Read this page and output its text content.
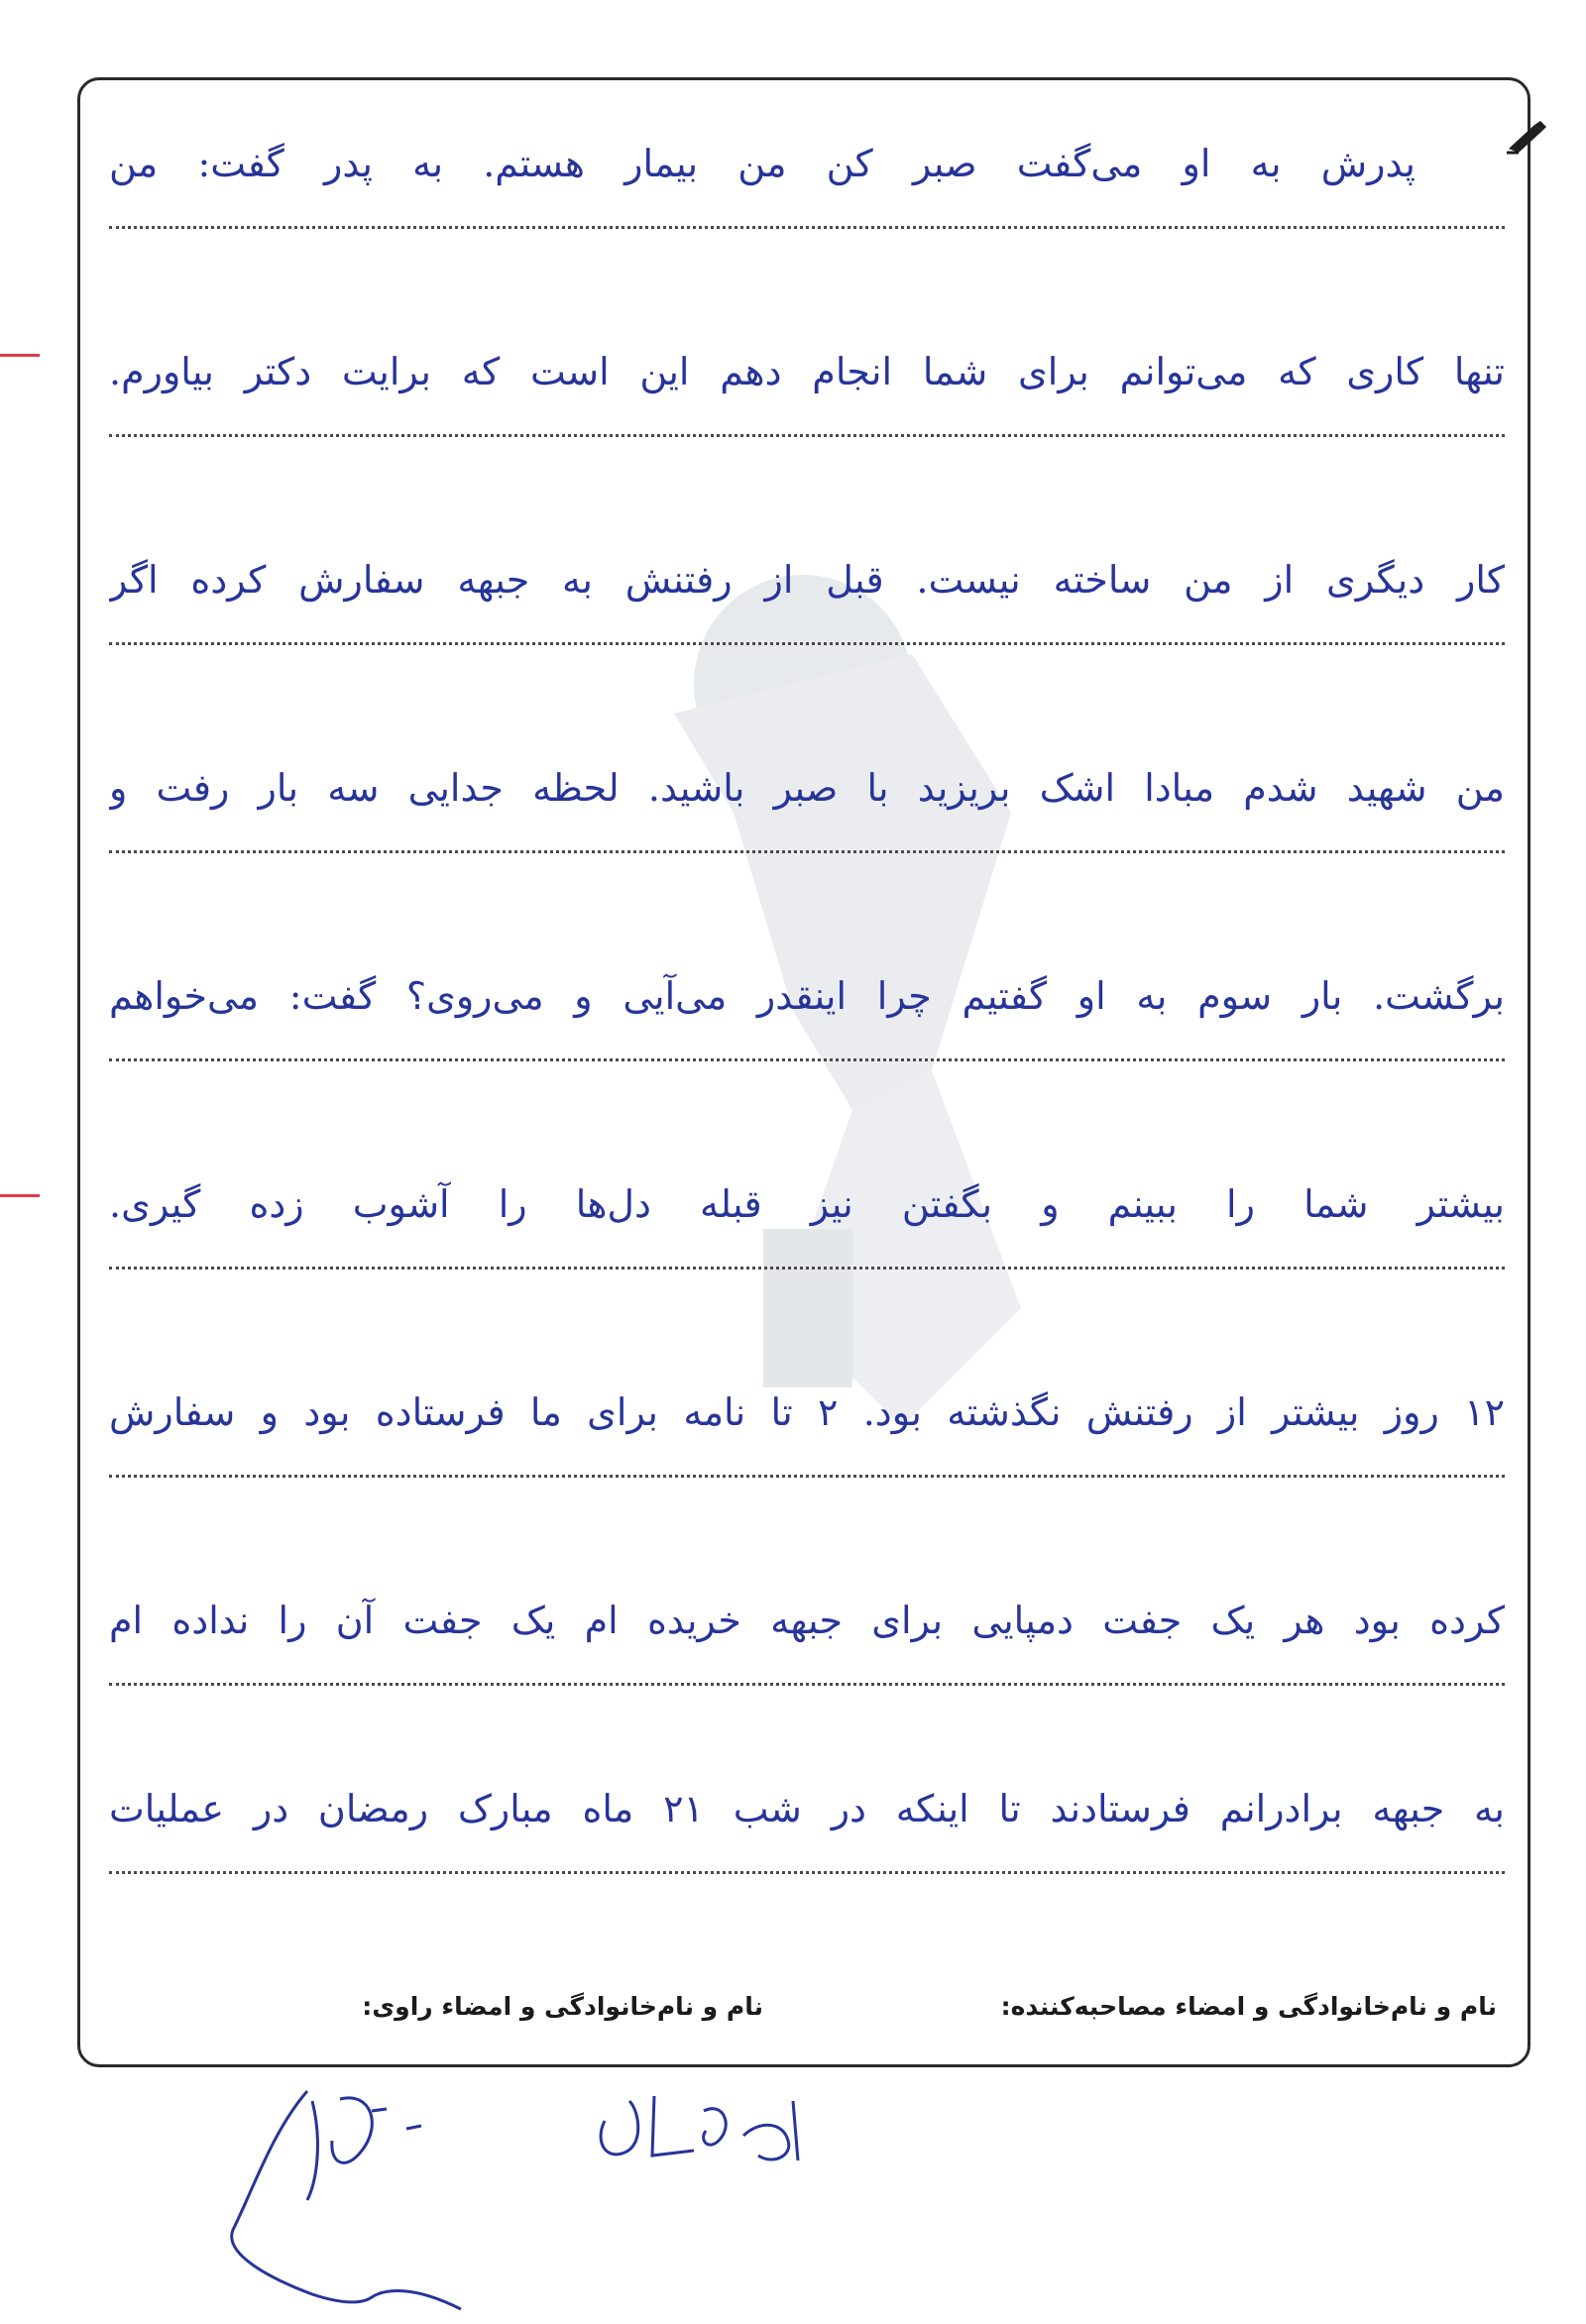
پدرش به او می‌گفت صبر کن من بیمار هستم. به پدر گفت: من
تنها کاری که می‌توانم برای شما انجام دهم این است که برایت دکتر بیاورم.
کار دیگری از من ساخته نیست. قبل از رفتنش به جبهه سفارش کرده اگر
من شهید شدم مبادا اشک بریزید با صبر باشید. لحظه جدایی سه بار رفت و
برگشت. بار سوم به او گفتیم چرا اینقدر می‌آیی و می‌روی؟ گفت: می‌خواهم
بیشتر شما را ببینم و بگفتن نیز قبله دل‌ها را آشوب زده گیری.
۱۲ روز بیشتر از رفتنش نگذشته بود. ۲ تا نامه برای ما فرستاده بود و سفارش
کرده بود هر یک جفت دمپایی برای جبهه خریده ام یک جفت آن را نداده ام
به جبهه برادرانم فرستادند تا اینکه در شب ۲۱ ماه مبارک رمضان در عملیات
نام و نام‌خانوادگی و امضاء مصاحبه‌کننده:
نام و نام‌خانوادگی و امضاء راوی:
